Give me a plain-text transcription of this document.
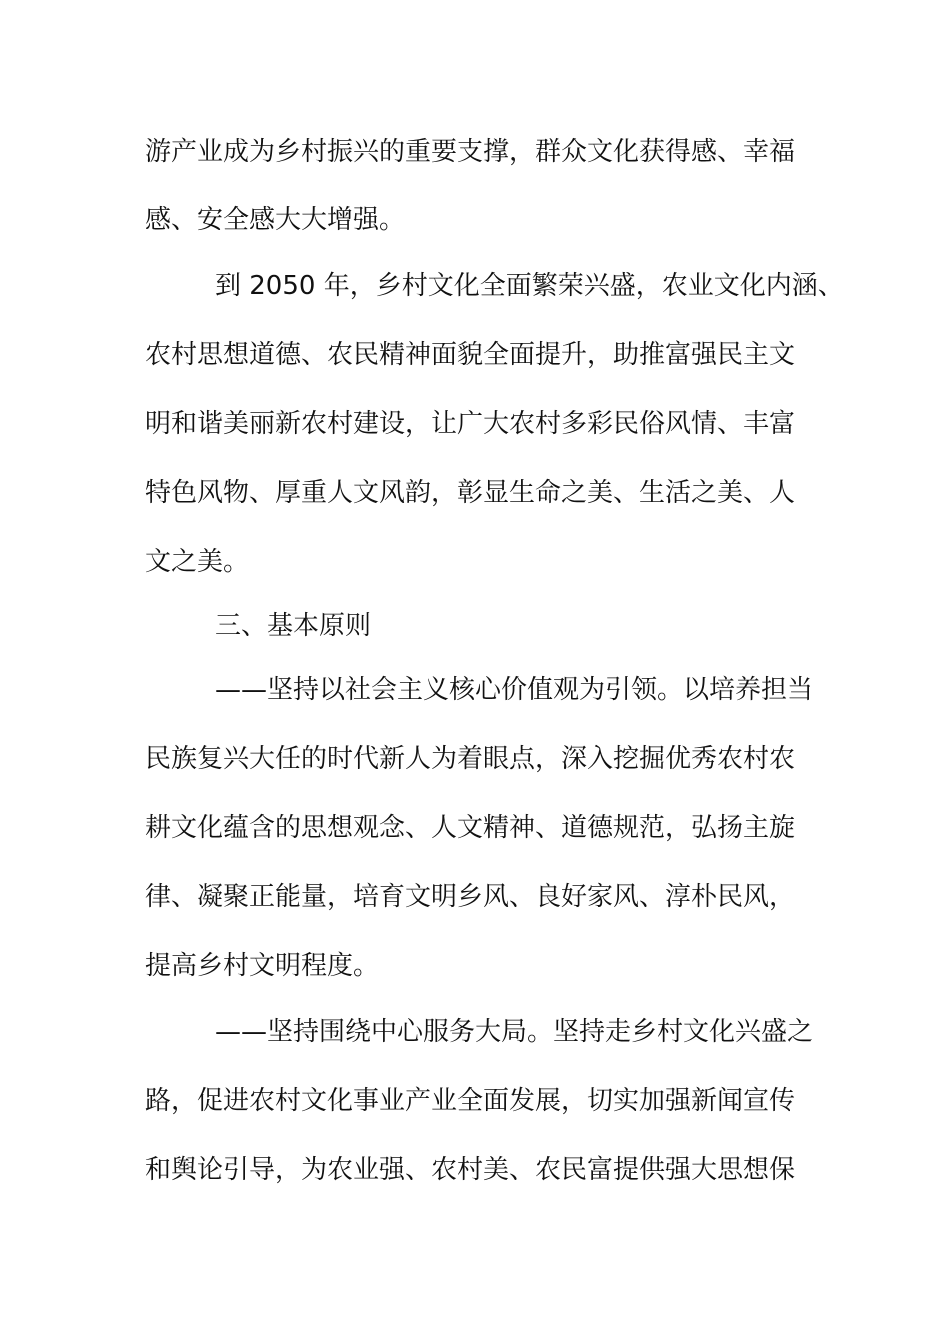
游产业成为乡村振兴的重要支撑，群众文化获得感、幸福
感、安全感大大增强。
到 2050 年，乡村文化全面繁荣兴盛，农业文化内涵、
农村思想道德、农民精神面貌全面提升，助推富强民主文
明和谐美丽新农村建设，让广大农村多彩民俗风情、丰富
特色风物、厚重人文风韵，彰显生命之美、生活之美、人
文之美。
三、基本原则
——坚持以社会主义核心价值观为引领。以培养担当
民族复兴大任的时代新人为着眼点，深入挖掘优秀农村农
耕文化蕴含的思想观念、人文精神、道德规范，弘扬主旋
律、凝聚正能量，培育文明乡风、良好家风、淳朴民风，
提高乡村文明程度。
——坚持围绕中心服务大局。坚持走乡村文化兴盛之
路，促进农村文化事业产业全面发展，切实加强新闻宣传
和舆论引导，为农业强、农村美、农民富提供强大思想保
